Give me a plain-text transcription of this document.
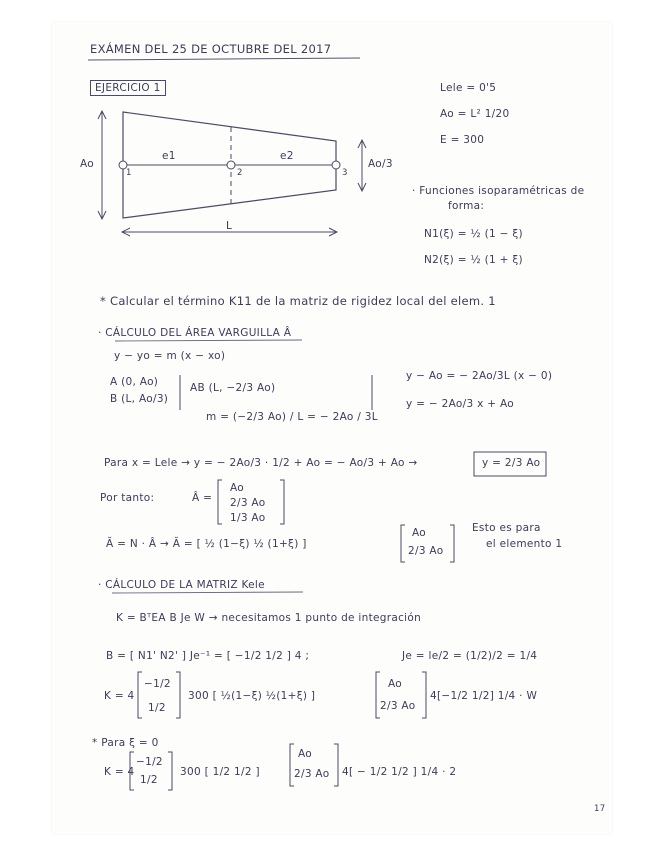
EXÁMEN DEL 25 DE OCTUBRE DEL 2017
EJERCICIO 1
Ao	Ao/3
L
e1	e2
1	2	3
Lele = 0'5
Ao = L² 1/20
E = 300
· Funciones isoparamétricas de
forma:
N1(ξ) = ½ (1 − ξ)
N2(ξ) = ½ (1 + ξ)
* Calcular el término K11 de la matriz de rigidez local del elem. 1
· CÁLCULO DEL ÁREA VARGUILLA Â
y − yo = m (x − xo)
A (0, Ao)
B (L, Ao/3)
AB (L, −2/3 Ao)
m = (−2/3 Ao) / L = − 2Ao / 3L
y − Ao = − 2Ao/3L (x − 0)
y = − 2Ao/3 x + Ao
Para x = Lele → y = − 2Ao/3 · 1/2 + Ao = − Ao/3 + Ao →	y = 2/3 Ao
Por tanto:	Â =
Ao
2/3 Ao
1/3 Ao
Ă = N · Â → Ă = [ ½ (1−ξ) ½ (1+ξ) ]
Ao
2/3 Ao
Esto es para
el elemento 1
· CÁLCULO DE LA MATRIZ Kele
K = BᵀEA B Je W → necesitamos 1 punto de integración
B = [ N1' N2' ] Je⁻¹ = [ −1/2 1/2 ] 4 ;	Je = le/2 = (1/2)/2 = 1/4
K = 4
−1/2
1/2
300 [ ½(1−ξ) ½(1+ξ) ]
Ao
2/3 Ao
4[−1/2 1/2] 1/4 · W
* Para ξ = 0
K = 4
−1/2
1/2
300 [ 1/2 1/2 ]
Ao
2/3 Ao 4[ − 1/2 1/2 ] 1/4 · 2
17
